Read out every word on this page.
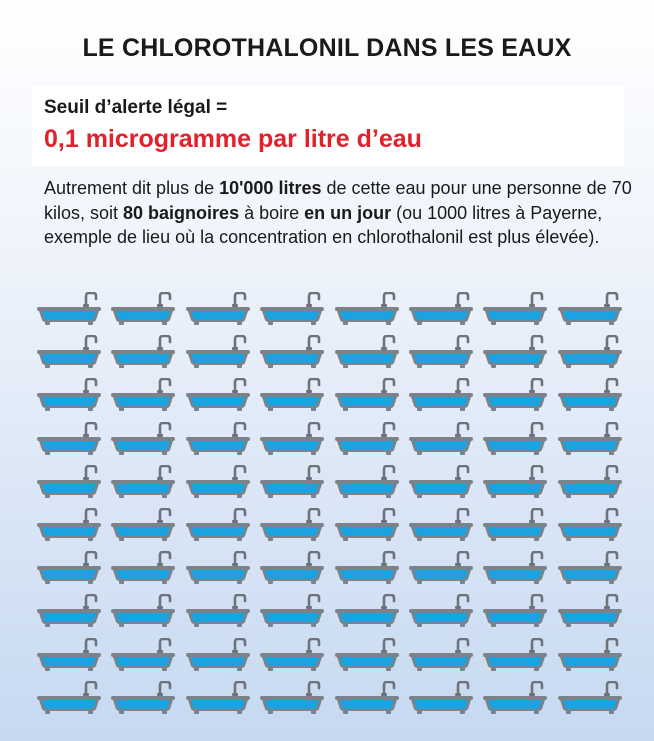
LE CHLOROTHALONIL DANS LES EAUX
Seuil d’alerte légal =
0,1 microgramme par litre d’eau
Autrement dit plus de 10'000 litres de cette eau pour une personne de 70 kilos, soit 80 baignoires à boire en un jour (ou 1000 litres à Payerne, exemple de lieu où la concentration en chlorothalonil est plus élevée).
